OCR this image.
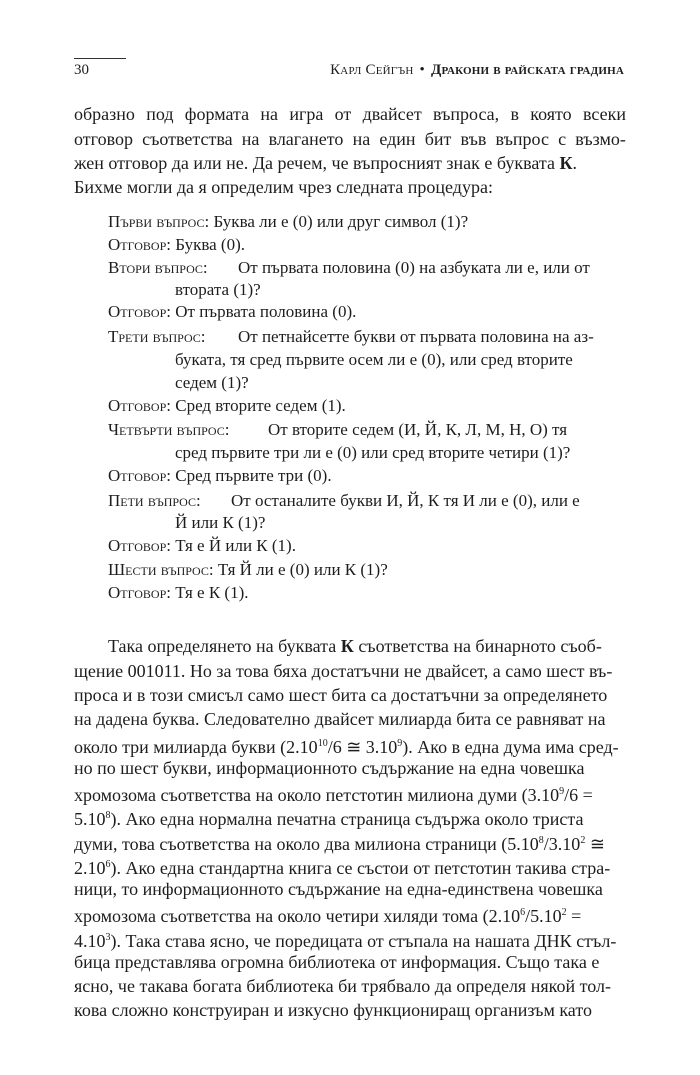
30	Карл Сейгън • Дракони в райската градина
образно под формата на игра от двайсет въпроса, в която всеки
отговор съответства на влагането на един бит във въпрос с възмо-
жен отговор да или не. Да речем, че въпросният знак е буквата К.
Бихме могли да я определим чрез следната процедура:
Първи въпрос: Буква ли е (0) или друг символ (1)?
Отговор: Буква (0).
Втори въпрос: От първата половина (0) на азбуката ли е, или от
втората (1)?
Отговор: От първата половина (0).
Трети въпрос: От петнайсетте букви от първата половина на аз-
буката, тя сред първите осем ли е (0), или сред вторите
седем (1)?
Отговор: Сред вторите седем (1).
Четвърти въпрос: От вторите седем (И, Й, К, Л, М, Н, О) тя
сред първите три ли е (0) или сред вторите четири (1)?
Отговор: Сред първите три (0).
Пети въпрос: От останалите букви И, Й, К тя И ли е (0), или е
Й или К (1)?
Отговор: Тя е Й или К (1).
Шести въпрос: Тя Й ли е (0) или К (1)?
Отговор: Тя е К (1).
Така определянето на буквата К съответства на бинарното съоб-
щение 001011. Но за това бяха достатъчни не двайсет, а само шест въ-
проса и в този смисъл само шест бита са достатъчни за определянето
на дадена буква. Следователно двайсет милиарда бита се равняват на
около три милиарда букви (2.10$^{10}$/6 ≅ 3.10$^9$). Ако в една дума има сред-
но по шест букви, информационното съдържание на една човешка
хромозома съответства на около петстотин милиона думи ($3.10^9/6$ =
$5.10^8$). Ако една нормална печатна страница съдържа около триста
думи, това съответства на около два милиона страници (5.10$^8$/3.10$^2$ ≅
2.10$^6$). Ако една стандартна книга се състои от петстотин такива стра-
ници, то информационното съдържание на една-единствена човешка
хромозома съответства на около четири хиляди тома ($2.10^6/5.10^2$ =
$4.10^3$). Така става ясно, че поредицата от стъпала на нашата ДНК стъл-
бица представлява огромна библиотека от информация. Също така е
ясно, че такава богата библиотека би трябвало да определя някой тол-
кова сложно конструиран и изкусно функциониращ организъм като
